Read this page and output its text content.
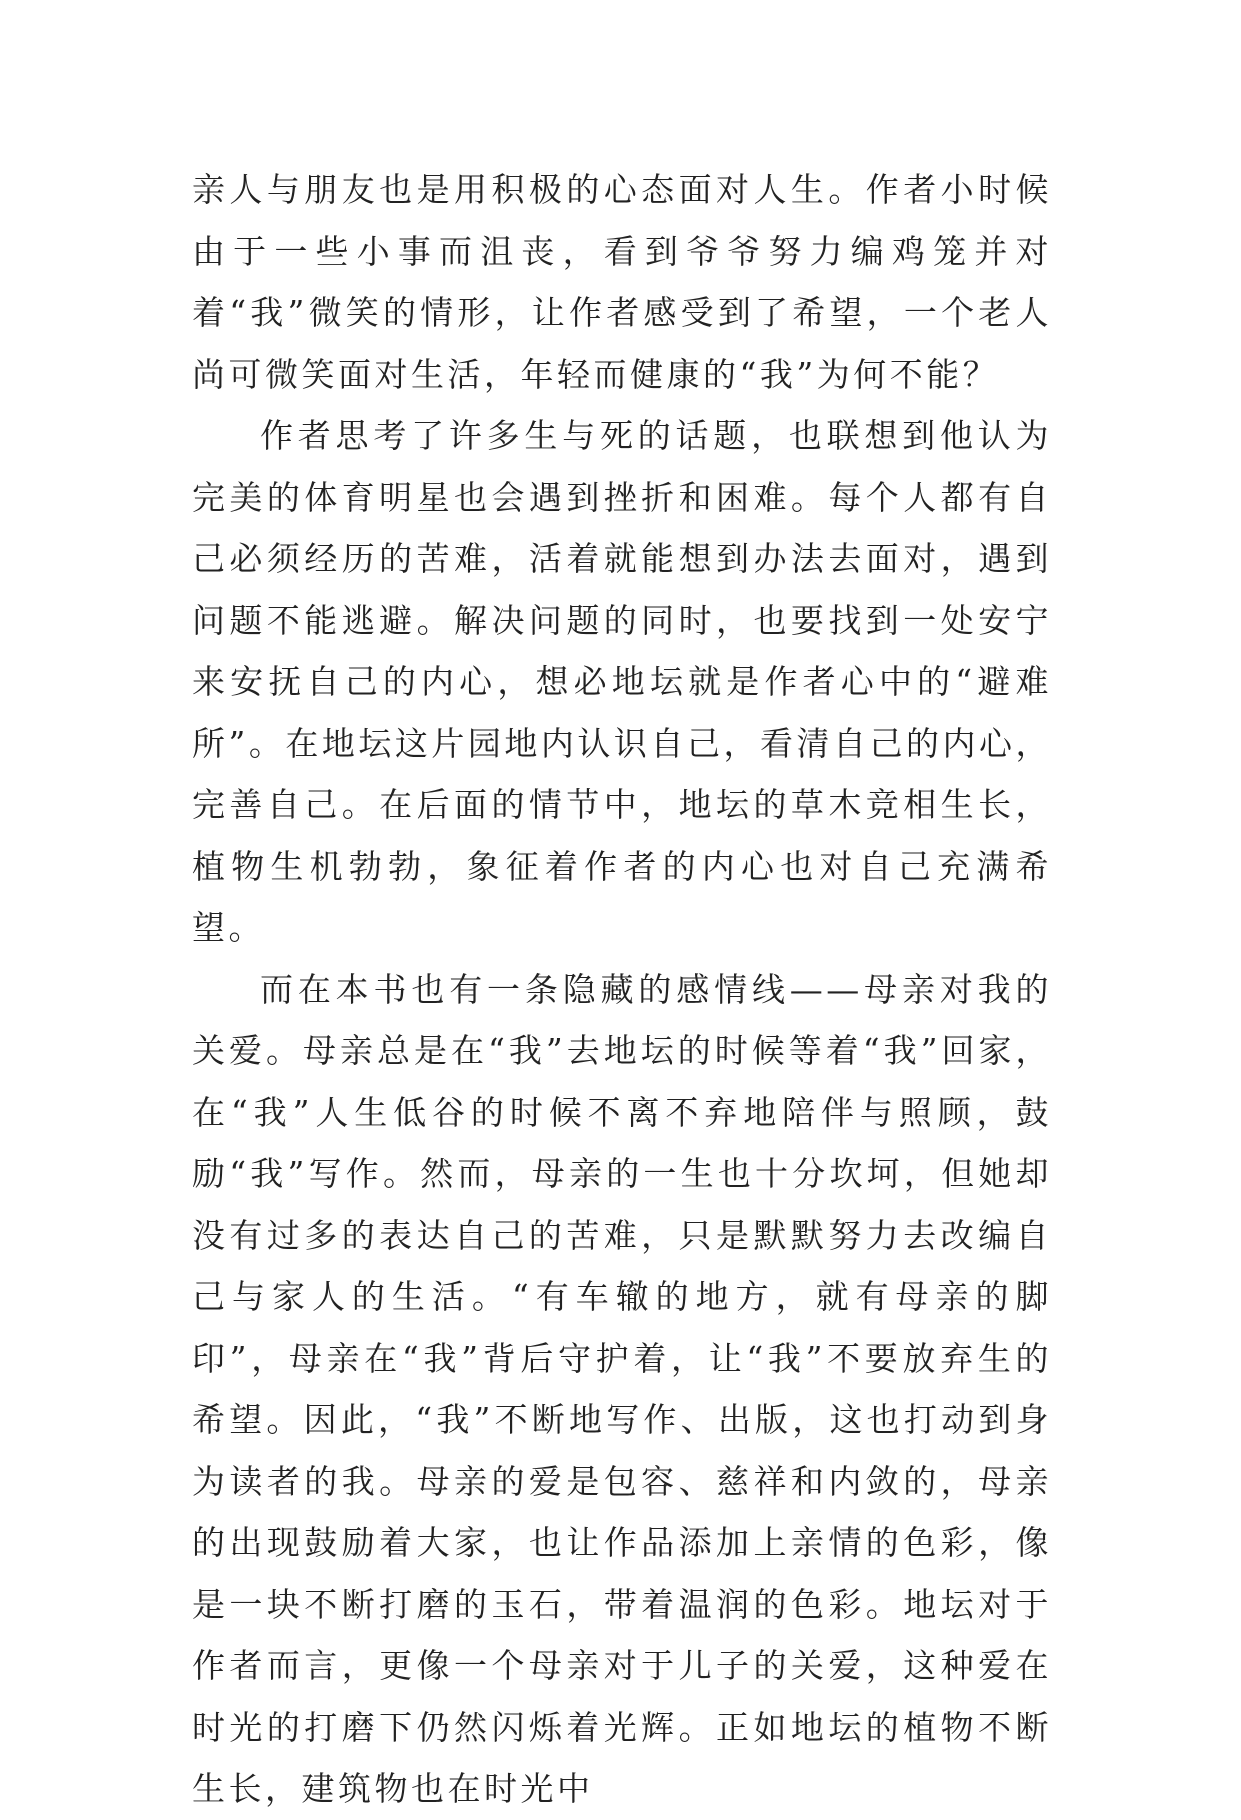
亲人与朋友也是用积极的心态面对人生。作者小时候由于一些小事而沮丧，看到爷爷努力编鸡笼并对着“我”微笑的情形，让作者感受到了希望，一个老人尚可微笑面对生活，年轻而健康的“我”为何不能？

作者思考了许多生与死的话题，也联想到他认为完美的体育明星也会遇到挫折和困难。每个人都有自己必须经历的苦难，活着就能想到办法去面对，遇到问题不能逃避。解决问题的同时，也要找到一处安宁来安抚自己的内心，想必地坛就是作者心中的“避难所”。在地坛这片园地内认识自己，看清自己的内心，完善自己。在后面的情节中，地坛的草木竞相生长，植物生机勃勃，象征着作者的内心也对自己充满希望。

而在本书也有一条隐藏的感情线——母亲对我的关爱。母亲总是在“我”去地坛的时候等着“我”回家，在“我”人生低谷的时候不离不弃地陪伴与照顾，鼓励“我”写作。然而，母亲的一生也十分坎坷，但她却没有过多的表达自己的苦难，只是默默努力去改编自己与家人的生活。“有车辙的地方，就有母亲的脚印”，母亲在“我”背后守护着，让“我”不要放弃生的希望。因此，“我”不断地写作、出版，这也打动到身为读者的我。母亲的爱是包容、慈祥和内敛的，母亲的出现鼓励着大家，也让作品添加上亲情的色彩，像是一块不断打磨的玉石，带着温润的色彩。地坛对于作者而言，更像一个母亲对于儿子的关爱，这种爱在时光的打磨下仍然闪烁着光辉。正如地坛的植物不断生长，建筑物也在时光中
